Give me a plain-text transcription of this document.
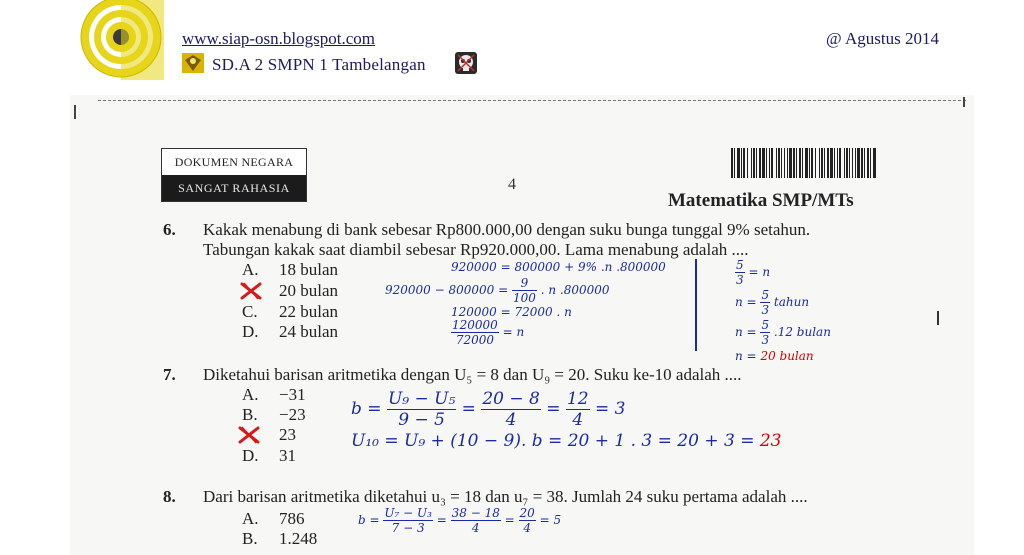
www.siap-osn.blogspot.com	@ Agustus 2014
SD.A 2 SMPN 1 Tambelangan
DOKUMEN NEGARA
SANGAT RAHASIA	4
Matematika SMP/MTs
6. Kakak menabung di bank sebesar Rp800.000,00 dengan suku bunga tunggal 9% setahun.
Tabungan kakak saat diambil sebesar Rp920.000,00. Lama menabung adalah ....
A. 18 bulan
20 bulan
C. 22 bulan
D. 24 bulan
920000 = 800000 + 9% .n .800000
$920000 - 800000 = \frac{9}{100}$ . n .800000
120000 = 72000 . n
$\frac{120000}{72000} = n$
$\frac{5}{3} = n$
$n = \frac{5}{3}$ tahun
$n = \frac{5}{3} .12$ bulan
n = 20 bulan
7. Diketahui barisan aritmetika dengan U₅ = 8 dan U₉ = 20. Suku ke-10 adalah ....
A. −31
B. −23
23
D. 31
$b = \frac{\text{U₉ − U₅}}{9 - 5} = \frac{20 - 8}{4} = \frac{12}{4} = 3$
U₁₀ = U₉ + (10 − 9). b = 20 + 1 . 3 = 20 + 3 = 23
8. Dari barisan aritmetika diketahui u₃ = 18 dan u₇ = 38. Jumlah 24 suku pertama adalah ....
A. 786
B. 1.248
$b = \frac{\text{U₇ − U₃}}{7 - 3} = \frac{38 - 18}{4} = \frac{20}{4} = 5$
